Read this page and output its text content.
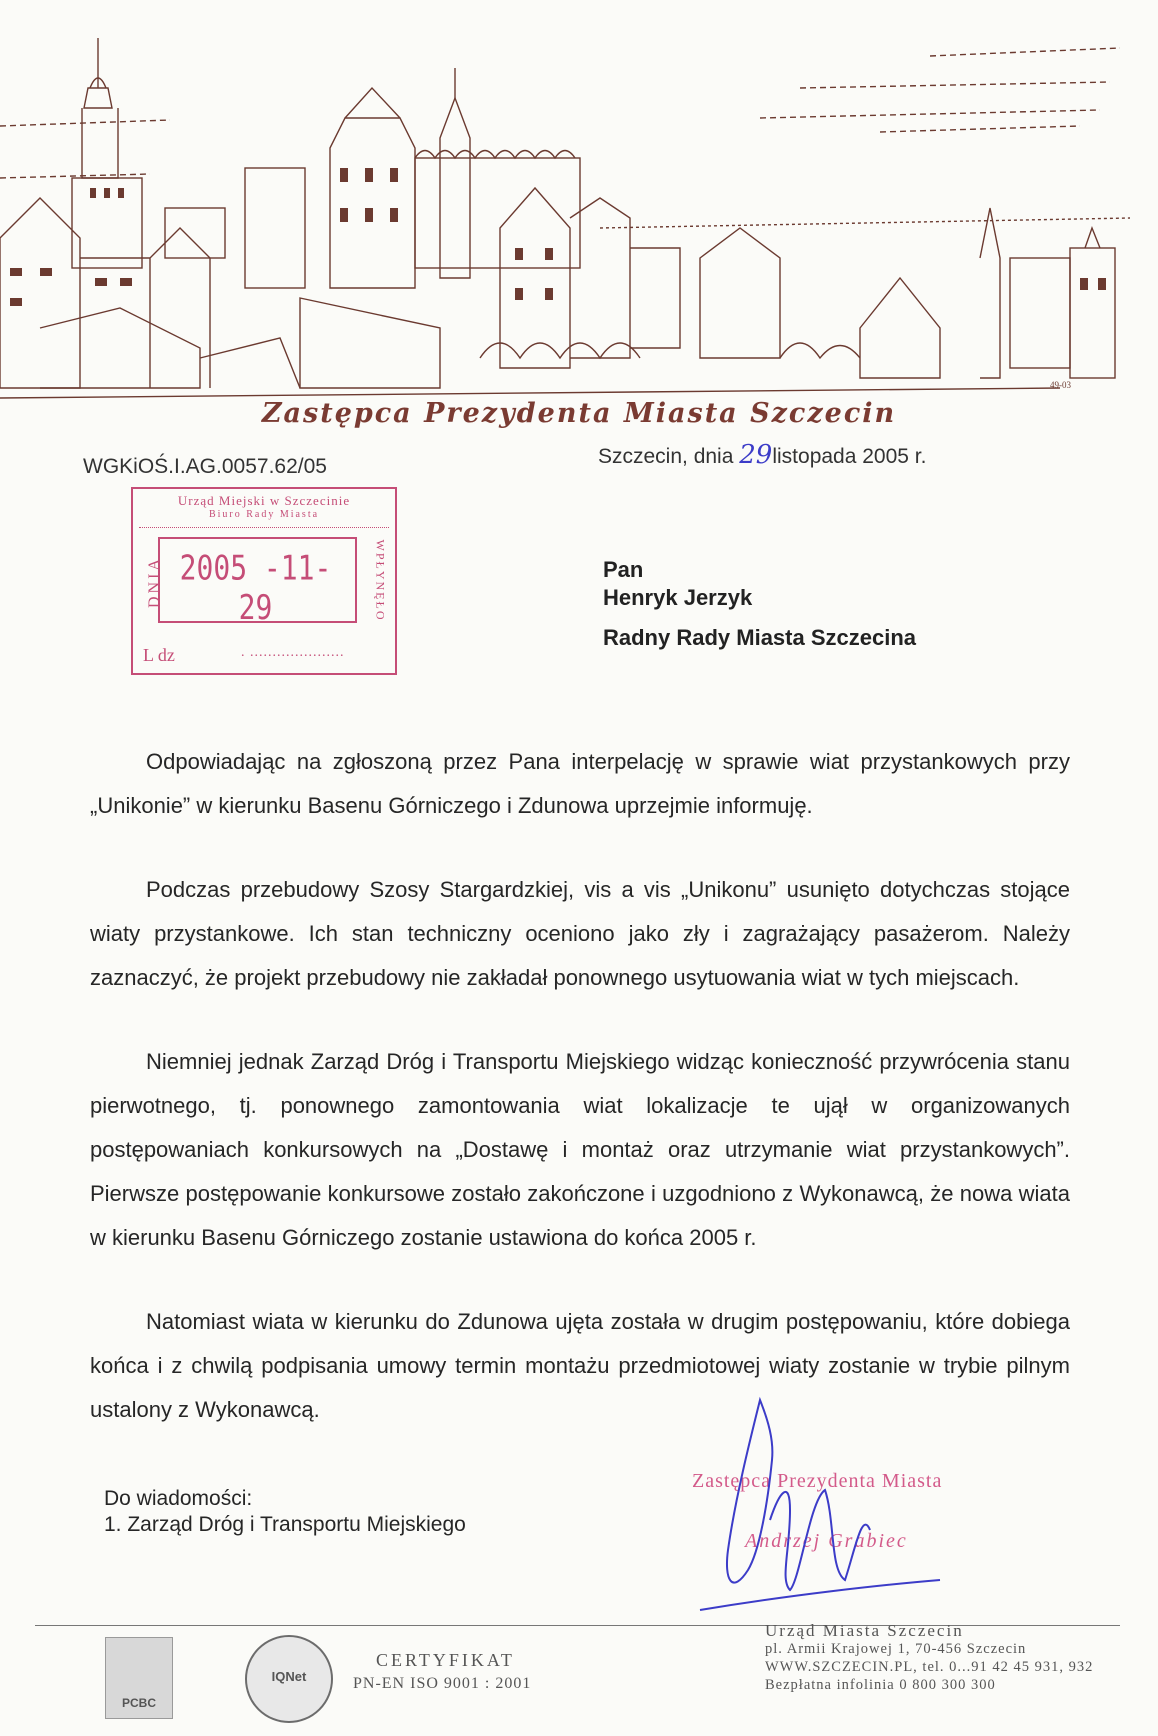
49-03
Zastępca Prezydenta Miasta Szczecin
WGKiOŚ.I.AG.0057.62/05	Szczecin, dnia 29listopada 2005 r.
Urząd Miejski w Szczecinie
Biuro Rady Miasta
DNIA	WPŁYNĘŁO
2005 -11- 29
L dz	. .....................
Pan
Henryk Jerzyk
Radny Rady Miasta Szczecina
Odpowiadając na zgłoszoną przez Pana interpelację w sprawie wiat przystankowych przy „Unikonie” w kierunku Basenu Górniczego i Zdunowa uprzejmie informuję.
Podczas przebudowy Szosy Stargardzkiej, vis a vis „Unikonu” usunięto dotychczas stojące wiaty przystankowe. Ich stan techniczny oceniono jako zły i zagrażający pasażerom. Należy zaznaczyć, że projekt przebudowy nie zakładał ponownego usytuowania wiat w tych miejscach.
Niemniej jednak Zarząd Dróg i Transportu Miejskiego widząc konieczność przywrócenia stanu pierwotnego, tj. ponownego zamontowania wiat lokalizacje te ujął w organizowanych postępowaniach konkursowych na „Dostawę i montaż oraz utrzymanie wiat przystankowych”. Pierwsze postępowanie konkursowe zostało zakończone i uzgodniono z Wykonawcą, że nowa wiata w kierunku Basenu Górniczego zostanie ustawiona do końca 2005 r.
Natomiast wiata w kierunku do Zdunowa ujęta została w drugim postępowaniu, które dobiega końca i z chwilą podpisania umowy termin montażu przedmiotowej wiaty zostanie w trybie pilnym ustalony z Wykonawcą.
Do wiadomości:
1. Zarząd Dróg i Transportu Miejskiego
Zastępca Prezydenta Miasta
Andrzej Grabiec
PCBC
IQNet
CERTYFIKAT
PN-EN ISO 9001 : 2001
Urząd Miasta Szczecin
pl. Armii Krajowej 1, 70-456 Szczecin
WWW.SZCZECIN.PL, tel. 0...91 42 45 931, 932
Bezpłatna infolinia 0 800 300 300
